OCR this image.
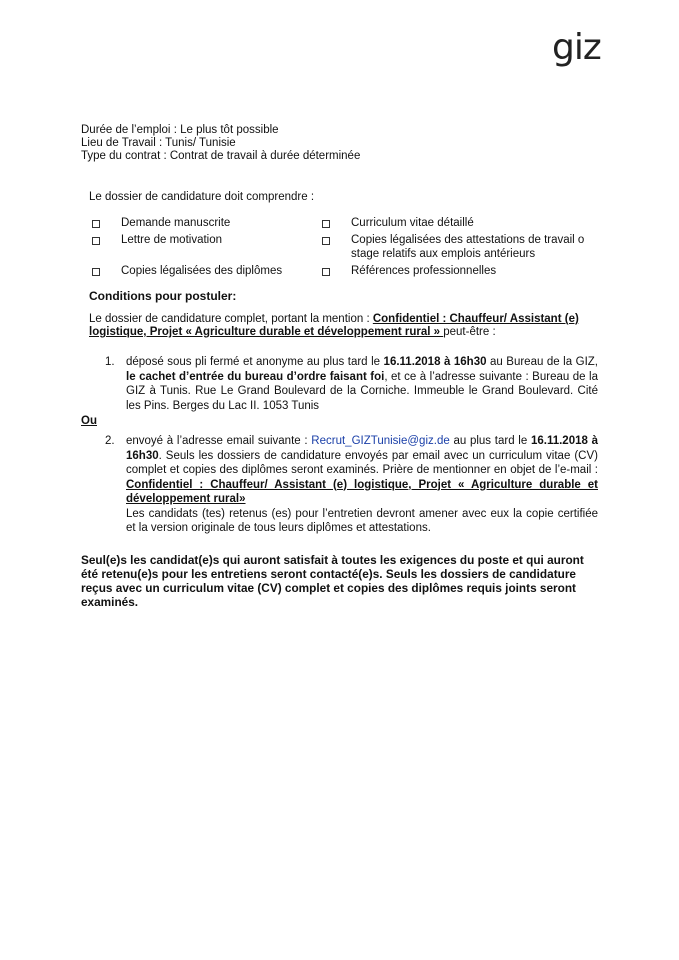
giz
Durée de l’emploi : Le plus tôt possible
Lieu de Travail : Tunis/ Tunisie
Type du contrat : Contrat de travail à durée déterminée
Le dossier de candidature doit comprendre :
Demande manuscrite	Curriculum vitae détaillé
Lettre de motivation	Copies légalisées des attestations de travail o stage relatifs aux emplois antérieurs
Copies légalisées des diplômes	Références professionnelles
Conditions pour postuler:
Le dossier de candidature complet, portant la mention : Confidentiel : Chauffeur/ Assistant (e) logistique, Projet « Agriculture durable et développement rural » peut-être :
1. déposé sous pli fermé et anonyme au plus tard le 16.11.2018 à 16h30 au Bureau de la GIZ, le cachet d’entrée du bureau d’ordre faisant foi, et ce à l’adresse suivante : Bureau de la GIZ à Tunis. Rue Le Grand Boulevard de la Corniche. Immeuble le Grand Boulevard. Cité les Pins. Berges du Lac II. 1053 Tunis
Ou
2. envoyé à l’adresse email suivante : Recrut_GIZTunisie@giz.de au plus tard le 16.11.2018 à 16h30. Seuls les dossiers de candidature envoyés par email avec un curriculum vitae (CV) complet et copies des diplômes seront examinés. Prière de mentionner en objet de l’e-mail : Confidentiel : Chauffeur/ Assistant (e) logistique, Projet « Agriculture durable et développement rural»
Les candidats (tes) retenus (es) pour l’entretien devront amener avec eux la copie certifiée et la version originale de tous leurs diplômes et attestations.
Seul(e)s les candidat(e)s qui auront satisfait à toutes les exigences du poste et qui auront été retenu(e)s pour les entretiens seront contacté(e)s. Seuls les dossiers de candidature reçus avec un curriculum vitae (CV) complet et copies des diplômes requis joints seront examinés.
